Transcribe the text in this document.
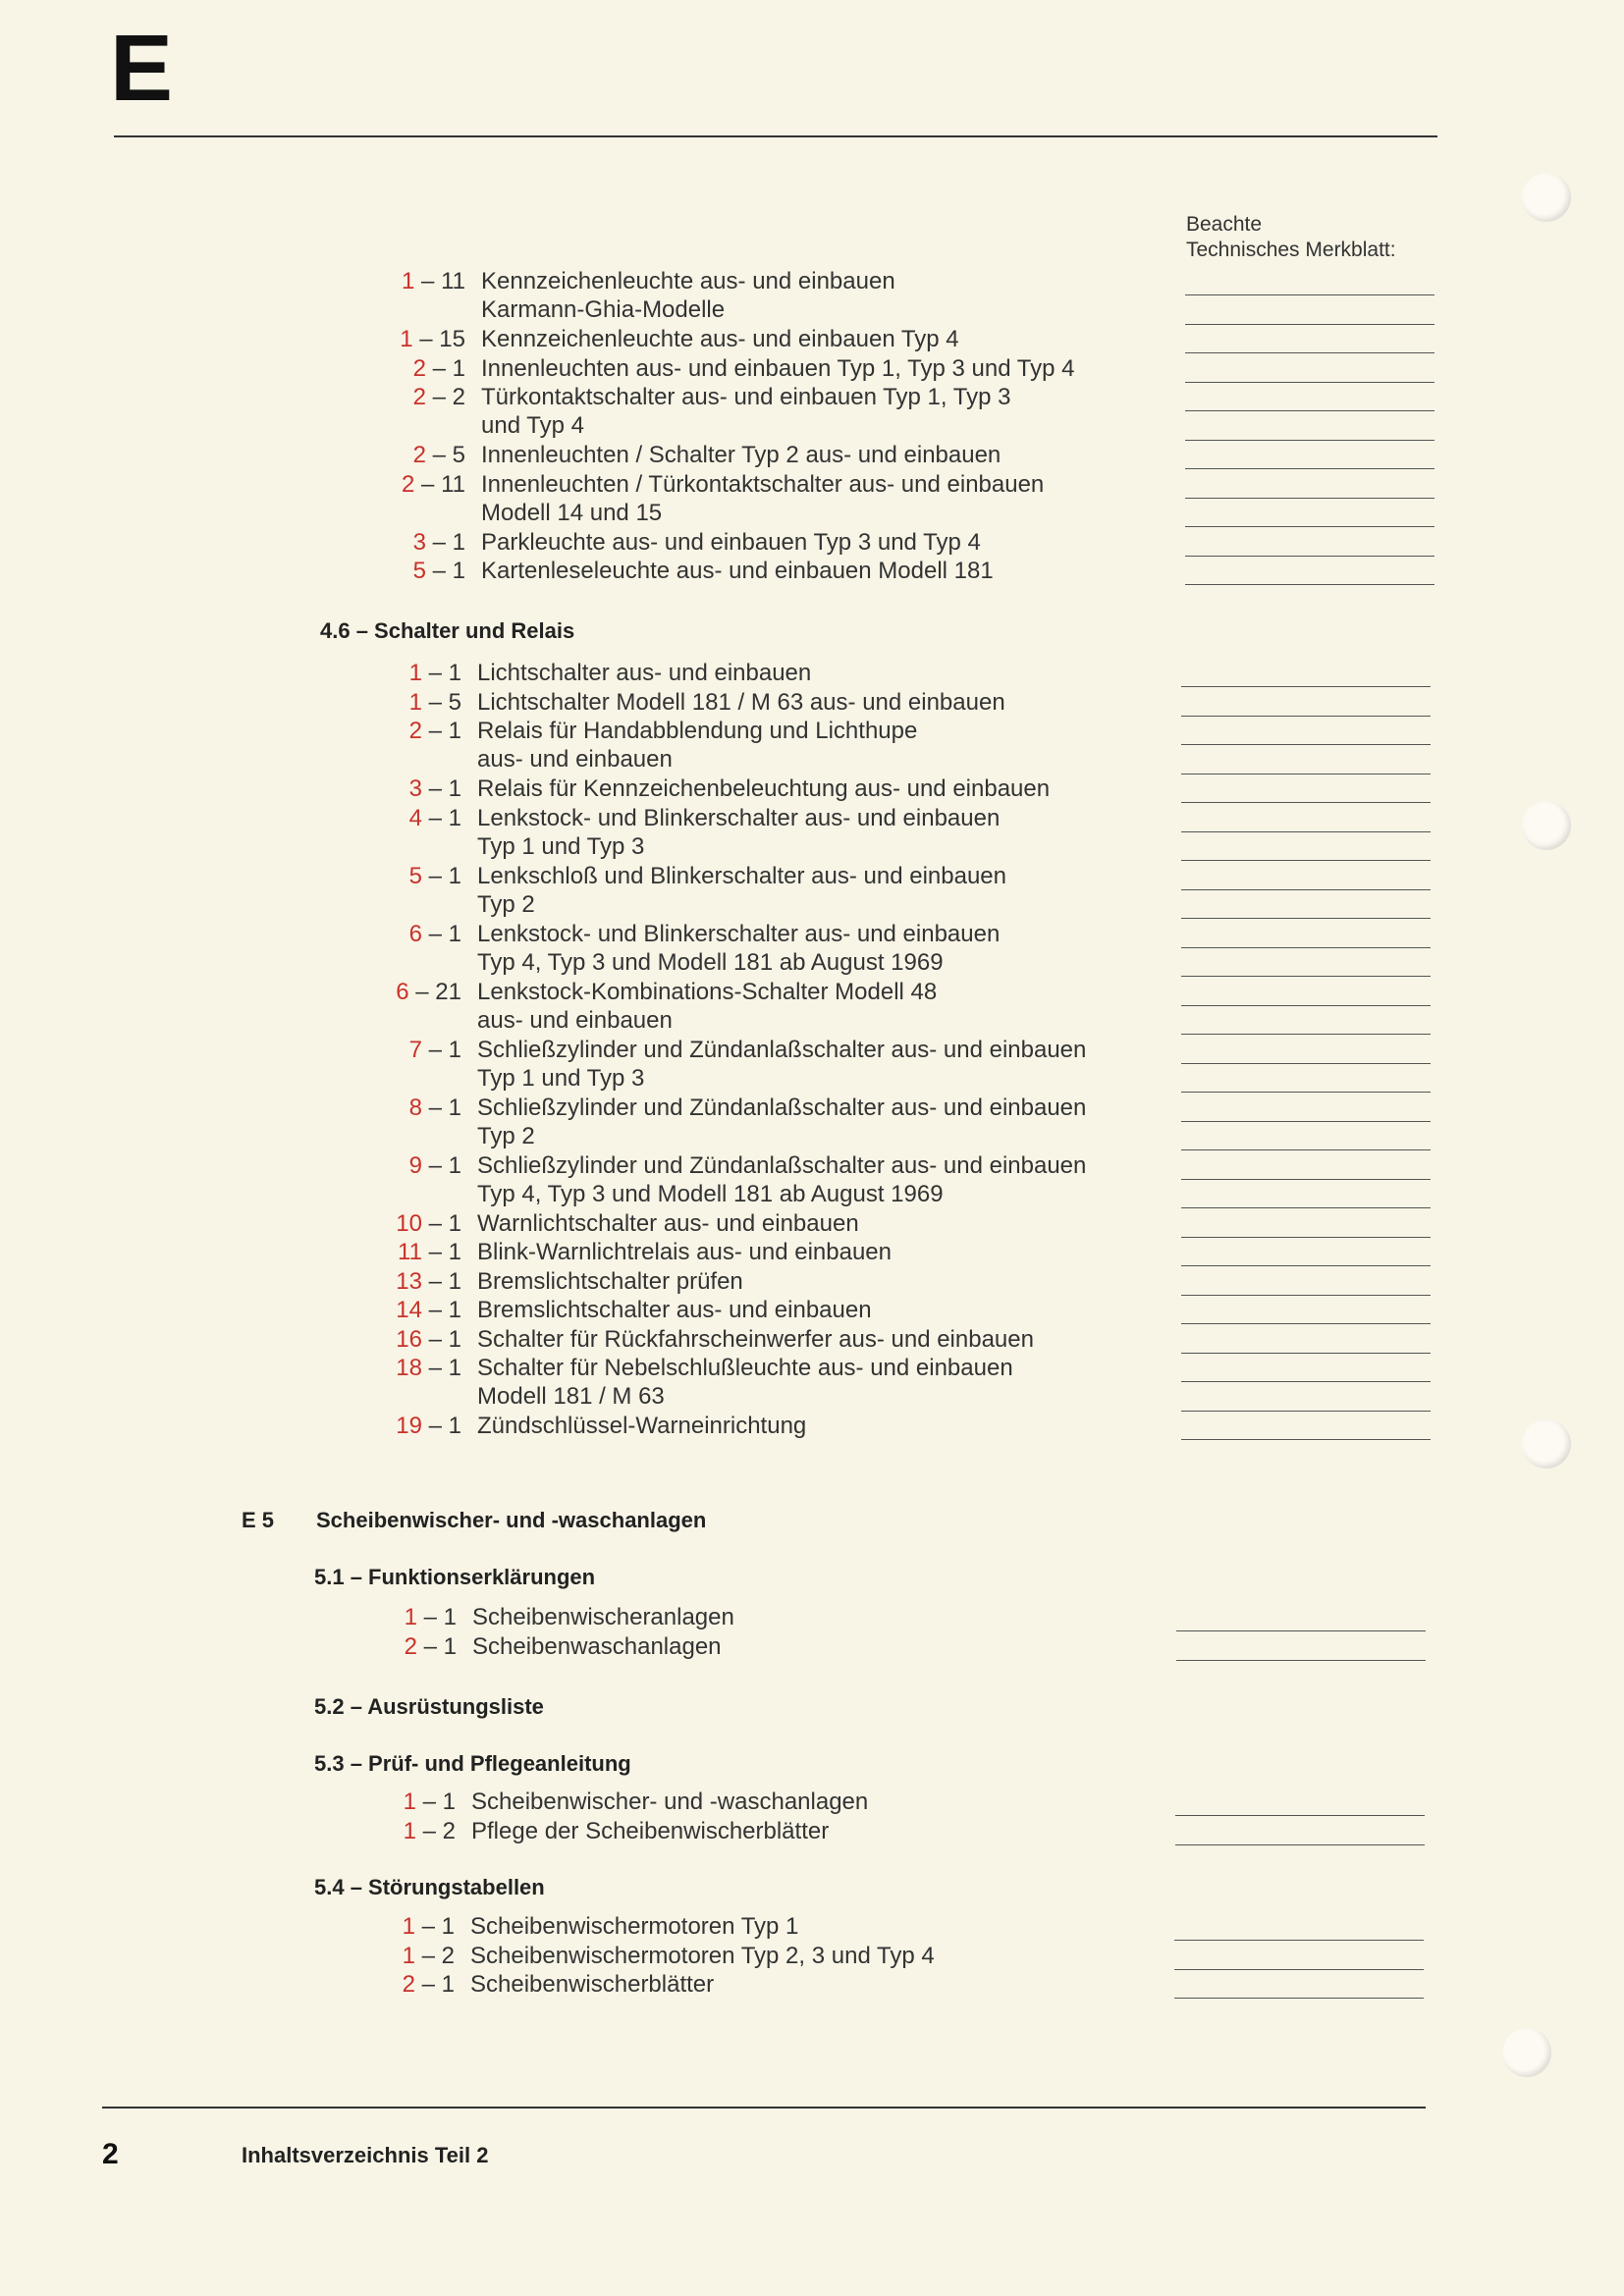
E
Beachte
Technisches Merkblatt:
1 – 11 Kennzeichenleuchte aus- und einbauen
Karmann-Ghia-Modelle
1 – 15 Kennzeichenleuchte aus- und einbauen Typ 4
2 – 1 Innenleuchten aus- und einbauen Typ 1, Typ 3 und Typ 4
2 – 2 Türkontaktschalter aus- und einbauen Typ 1, Typ 3
und Typ 4
2 – 5 Innenleuchten / Schalter Typ 2 aus- und einbauen
2 – 11 Innenleuchten / Türkontaktschalter aus- und einbauen
Modell 14 und 15
3 – 1 Parkleuchte aus- und einbauen Typ 3 und Typ 4
5 – 1 Kartenleseleuchte aus- und einbauen Modell 181
4.6 – Schalter und Relais
1 – 1 Lichtschalter aus- und einbauen
1 – 5 Lichtschalter Modell 181 / M 63 aus- und einbauen
2 – 1 Relais für Handabblendung und Lichthupe
aus- und einbauen
3 – 1 Relais für Kennzeichenbeleuchtung aus- und einbauen
4 – 1 Lenkstock- und Blinkerschalter aus- und einbauen
Typ 1 und Typ 3
5 – 1 Lenkschloß und Blinkerschalter aus- und einbauen
Typ 2
6 – 1 Lenkstock- und Blinkerschalter aus- und einbauen
Typ 4, Typ 3 und Modell 181 ab August 1969
6 – 21 Lenkstock-Kombinations-Schalter Modell 48
aus- und einbauen
7 – 1 Schließzylinder und Zündanlaßschalter aus- und einbauen
Typ 1 und Typ 3
8 – 1 Schließzylinder und Zündanlaßschalter aus- und einbauen
Typ 2
9 – 1 Schließzylinder und Zündanlaßschalter aus- und einbauen
Typ 4, Typ 3 und Modell 181 ab August 1969
10 – 1 Warnlichtschalter aus- und einbauen
11 – 1 Blink-Warnlichtrelais aus- und einbauen
13 – 1 Bremslichtschalter prüfen
14 – 1 Bremslichtschalter aus- und einbauen
16 – 1 Schalter für Rückfahrscheinwerfer aus- und einbauen
18 – 1 Schalter für Nebelschlußleuchte aus- und einbauen
Modell 181 / M 63
19 – 1 Zündschlüssel-Warneinrichtung
E 5 Scheibenwischer- und -waschanlagen
5.1 – Funktionserklärungen
1 – 1 Scheibenwischeranlagen
2 – 1 Scheibenwaschanlagen
5.2 – Ausrüstungsliste
5.3 – Prüf- und Pflegeanleitung
1 – 1 Scheibenwischer- und -waschanlagen
1 – 2 Pflege der Scheibenwischerblätter
5.4 – Störungstabellen
1 – 1 Scheibenwischermotoren Typ 1
1 – 2 Scheibenwischermotoren Typ 2, 3 und Typ 4
2 – 1 Scheibenwischerblätter
2	Inhaltsverzeichnis Teil 2
